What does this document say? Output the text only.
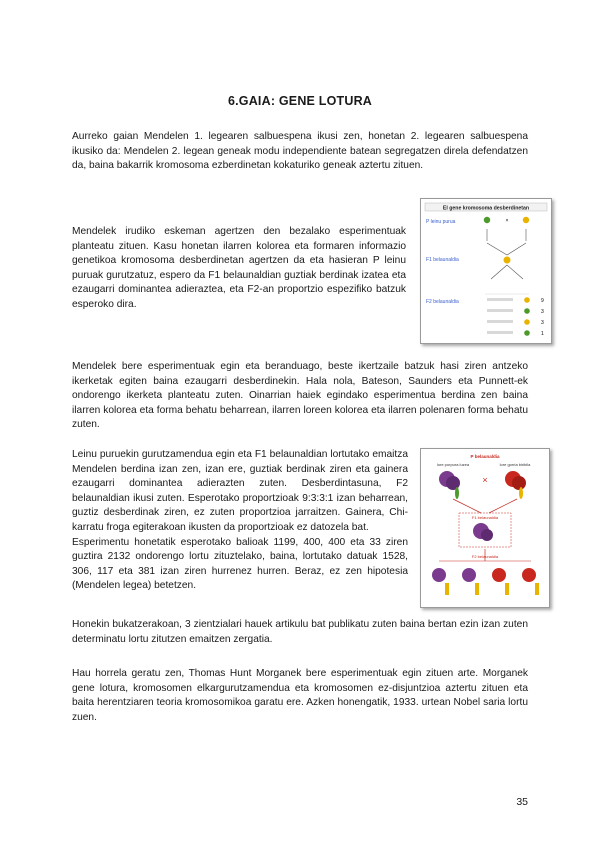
6.GAIA: GENE LOTURA

Aurreko gaian Mendelen 1. legearen salbuespena ikusi zen, honetan 2. legearen salbuespena ikusiko da: Mendelen 2. legean geneak modu independiente batean segregatzen direla defendatzen da, baina bakarrik kromosoma ezberdinetan kokaturiko geneak aztertu zituen.

Mendelek irudiko eskeman agertzen den bezalako esperimentuak planteatu zituen. Kasu honetan ilarren kolorea eta formaren informazio genetikoa kromosoma desberdinetan agertzen da eta hasieran P leinu puruak gurutzatuz, espero da F1 belaunaldian guztiak berdinak izatea eta ezaugarri dominantea adieraztea, eta F2-an proportzio espezifiko batzuk esperoko dira.

El gene kromosoma desberdinetan
P leinu purua	×
F1 belaunaldia
F2 belaunaldia	9
3
3
1

Mendelek bere esperimentuak egin eta beranduago, beste ikertzaile batzuk hasi ziren antzeko ikerketak egiten baina ezaugarri desberdinekin. Hala nola, Bateson, Saunders eta Punnett-ek ondorengo ikerketa planteatu zuten. Oinarrian haiek egindako esperimentua berdina zen baina ilarren kolorea eta forma behatu beharrean, ilarren loreen kolorea eta ilarren polenaren forma behatu zuten.

Leinu puruekin gurutzamendua egin eta F1 belaunaldian lortutako emaitza Mendelen berdina izan zen, izan ere, guztiak berdinak ziren eta gainera ezaugarri dominantea adierazten zuten. Desberdintasuna, F2 belaunaldian ikusi zuten. Esperotako proportzioak 9:3:3:1 izan beharrean, guztiz desberdinak ziren, ez zuten proportzioa jarraitzen. Gainera, Chi-karratu froga egiterakoan ikusten da proportzioak ez datozela bat.
Esperimentu honetatik esperotako balioak 1199, 400, 400 eta 33 ziren guztira 2132 ondorengo lortu zituztelako, baina, lortutako datuak 1528, 306, 117 eta 381 izan ziren hurrenez hurren. Beraz, ez zen hipotesia (Mendelen legea) betetzen.
P belaunaldia
lore purpura luzea	lore gorria biribila
×
F1 belaunaldia
F2 belaunaldia

Honekin bukatzerakoan, 3 zientzialari hauek artikulu bat publikatu zuten baina bertan ezin izan zuten determinatu lortu zitutzen emaitzen zergatia.

Hau horrela geratu zen, Thomas Hunt Morganek bere esperimentuak egin zituen arte. Morganek gene lotura, kromosomen elkargurutzamendua eta kromosomen ez-disjuntzioa aztertu zituen eta baita herentziaren teoria kromosomikoa garatu ere. Azken honengatik, 1933. urtean Nobel saria lortu zuen.

35
